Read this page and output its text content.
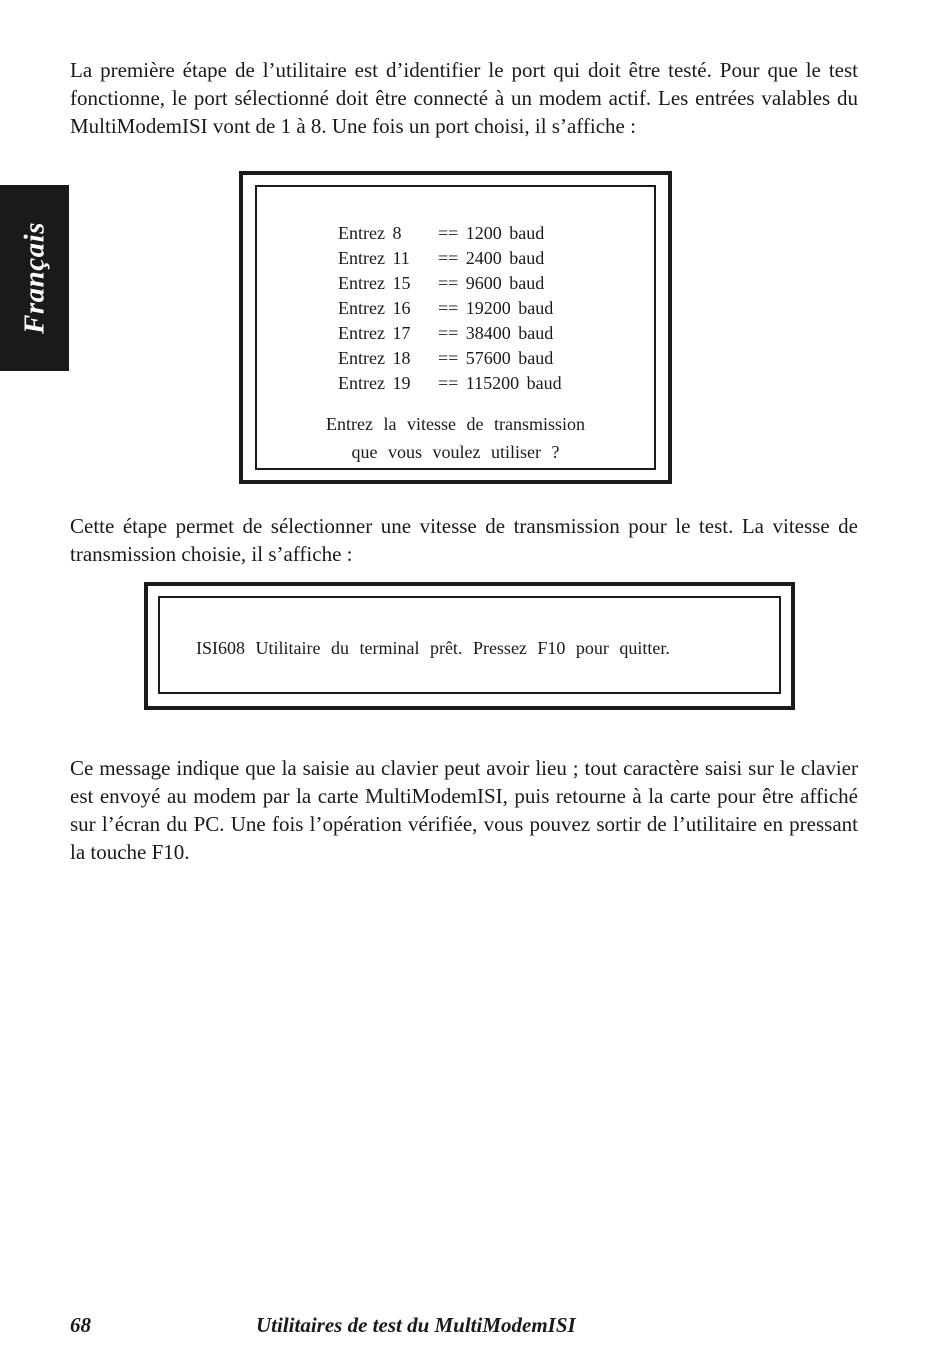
Français

La première étape de l’utilitaire est d’identifier le port qui doit être testé. Pour que le test fonctionne, le port sélectionné doit être connecté à un modem actif. Les entrées valables du MultiModemISI vont de 1 à 8. Une fois un port choisi, il s’affiche :

Entrez 8 == 1200 baud
Entrez 11 == 2400 baud
Entrez 15 == 9600 baud
Entrez 16 == 19200 baud
Entrez 17 == 38400 baud
Entrez 18 == 57600 baud
Entrez 19 == 115200 baud
Entrez la vitesse de transmission
que vous voulez utiliser ?

Cette étape permet de sélectionner une vitesse de transmission pour le test. La vitesse de transmission choisie, il s’affiche :

ISI608 Utilitaire du terminal prêt. Pressez F10 pour quitter.

Ce message indique que la saisie au clavier peut avoir lieu ; tout caractère saisi sur le clavier est envoyé au modem par la carte MultiModemISI, puis retourne à la carte pour être affiché sur l’écran du PC. Une fois l’opération vérifiée, vous pouvez sortir de l’utilitaire en pressant la touche F10.

68	Utilitaires de test du MultiModemISI
